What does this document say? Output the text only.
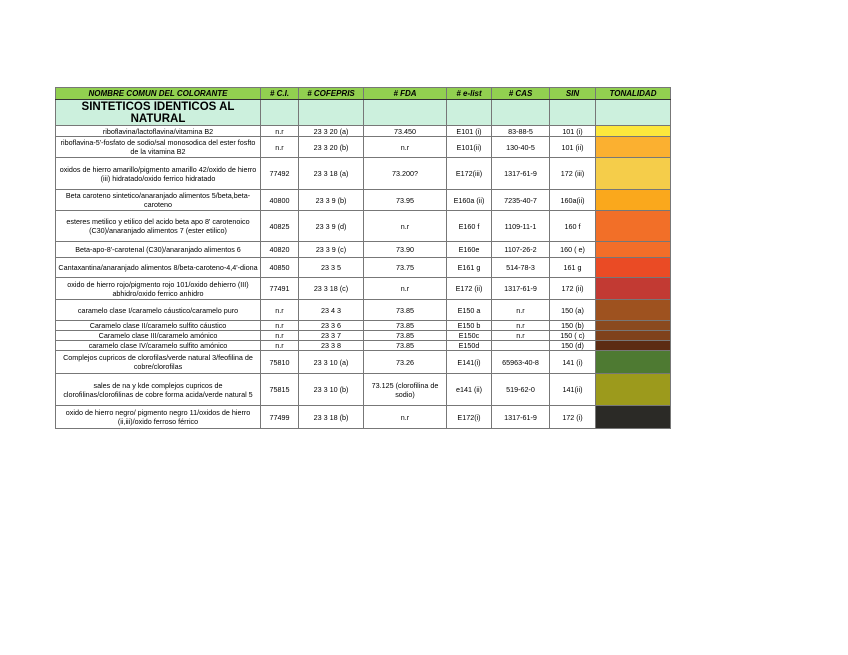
NOMBRE COMUN DEL COLORANTE	# C.I.	# COFEPRIS	# FDA	# e-list	# CAS	SIN	TONALIDAD
SINTETICOS IDENTICOS AL NATURAL							
riboflavina/lactoflavina/vitamina B2	n.r	23 3 20 (a)	73.450	E101 (i)	83-88-5	101 (i)	
riboflavina-5'-fosfato de sodio/sal monosodica del ester fosfto de la vitamina B2	n.r	23 3 20 (b)	n.r	E101(ii)	130-40-5	101 (ii)	
oxidos de hierro amarillo/pigmento amarillo 42/oxido de hierro (iii) hidratado/oxido ferrico hidratado	77492	23 3 18 (a)	73.200?	E172(iii)	1317-61-9	172 (iii)	
Beta caroteno sintetico/anaranjado alimentos 5/beta,beta-caroteno	40800	23 3 9 (b)	73.95	E160a (ii)	7235-40-7	160a(ii)	
esteres metilico y etilico del acido beta apo 8' carotenoico (C30)/anaranjado alimentos 7 (ester etilico)	40825	23 3 9 (d)	n.r	E160 f	1109-11-1	160 f	
Beta-apo-8'-carotenal (C30)/anaranjado alimentos 6	40820	23 3 9 (c)	73.90	E160e	1107-26-2	160 ( e)	
Cantaxantina/anaranjado alimentos 8/beta-caroteno-4,4'-diona	40850	23 3 5	73.75	E161 g	514-78-3	161 g	
oxido de hierro rojo/pigmento rojo 101/oxido dehierro (III) abhidro/oxido ferrico anhidro	77491	23 3 18 (c)	n.r	E172 (ii)	1317-61-9	172 (ii)	
caramelo clase I/caramelo cáustico/caramelo puro	n.r	23 4 3	73.85	E150 a	n.r	150 (a)	
Caramelo clase II/caramelo sulfito cáustico	n.r	23 3 6	73.85	E150 b	n.r	150 (b)	
Caramelo clase III/caramelo amónico	n.r	23 3 7	73.85	E150c	n.r	150 ( c)	
caramelo clase IV/caramelo sulfito amónico	n.r	23 3 8	73.85	E150d		150 (d)	
Complejos cupricos de clorofilas/verde natural 3/feofilina de cobre/clorofilas	75810	23 3 10 (a)	73.26	E141(i)	65963-40-8	141 (i)	
sales de na y kde complejos cupricos de clorofilinas/clorofilinas de cobre forma acida/verde natural 5	75815	23 3 10 (b)	73.125 (clorofilina de sodio)	e141 (ii)	519-62-0	141(ii)	
oxido de hierro negro/ pigmento negro 11/oxidos de hierro (ii,iii)/oxido ferroso férrico	77499	23 3 18 (b)	n.r	E172(i)	1317-61-9	172 (i)	
